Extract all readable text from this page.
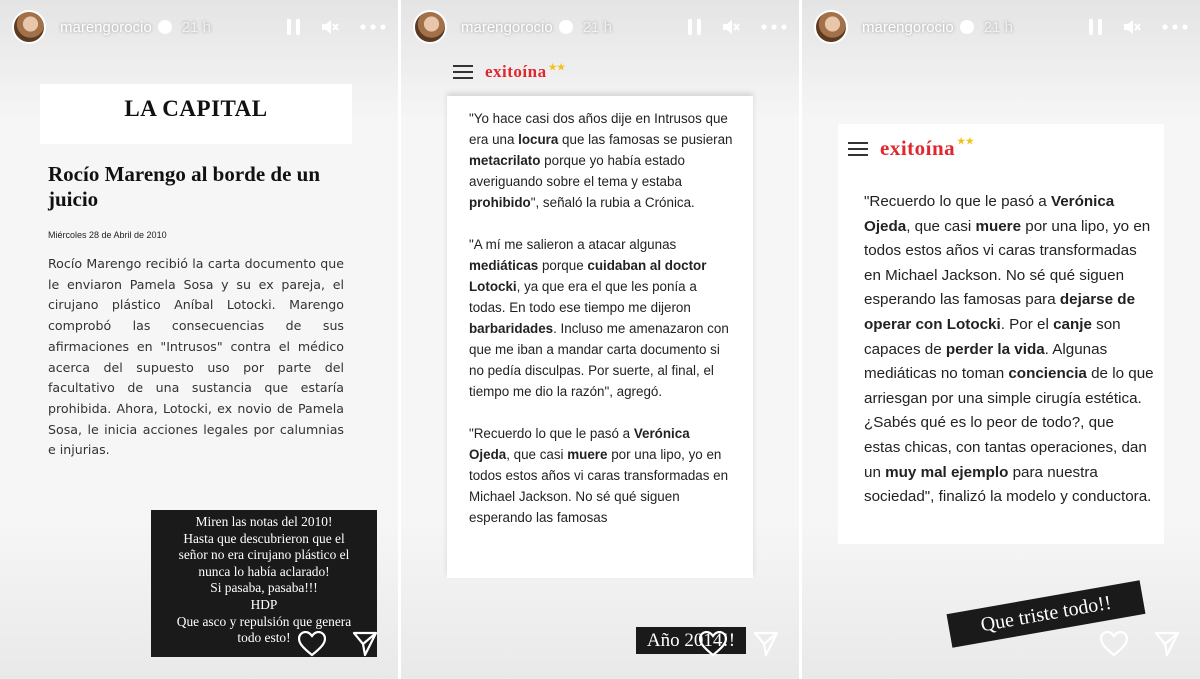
marengorocio 21 h
LA CAPITAL
Rocío Marengo al borde de un juicio
Miércoles 28 de Abril de 2010
Rocío Marengo recibió la carta documento que le enviaron Pamela Sosa y su ex pareja, el cirujano plástico Aníbal Lotocki. Marengo comprobó las consecuencias de sus afirmaciones en "Intrusos" contra el médico acerca del supuesto uso por parte del facultativo de una sustancia que estaría prohibida. Ahora, Lotocki, ex novio de Pamela Sosa, le inicia acciones legales por calumnias e injurias.
Miren las notas del 2010!
Hasta que descubrieron que el
señor no era cirujano plástico el
nunca lo había aclarado!
Si pasaba, pasaba!!!
HDP
Que asco y repulsión que genera
todo esto!
marengorocio 21 h
exitoína ★★

"Yo hace casi dos años dije en Intrusos que era una locura que las famosas se pusieran metacrilato porque yo había estado averiguando sobre el tema y estaba prohibido", señaló la rubia a Crónica.

"A mí me salieron a atacar algunas mediáticas porque cuidaban al doctor Lotocki, ya que era el que les ponía a todas. En todo ese tiempo me dijeron barbaridades. Incluso me amenazaron con que me iban a mandar carta documento si no pedía disculpas. Por suerte, al final, el tiempo me dio la razón", agregó.

"Recuerdo lo que le pasó a Verónica Ojeda, que casi muere por una lipo, yo en todos estos años vi caras transformadas en Michael Jackson. No sé qué siguen esperando las famosas

Año 2014!!
marengorocio 21 h
exitoína ★★

"Recuerdo lo que le pasó a Verónica Ojeda, que casi muere por una lipo, yo en todos estos años vi caras transformadas en Michael Jackson. No sé qué siguen esperando las famosas para dejarse de operar con Lotocki. Por el canje son capaces de perder la vida. Algunas mediáticas no toman conciencia de lo que arriesgan por una simple cirugía estética. ¿Sabés qué es lo peor de todo?, que estas chicas, con tantas operaciones, dan un muy mal ejemplo para nuestra sociedad", finalizó la modelo y conductora.

Que triste todo!!
